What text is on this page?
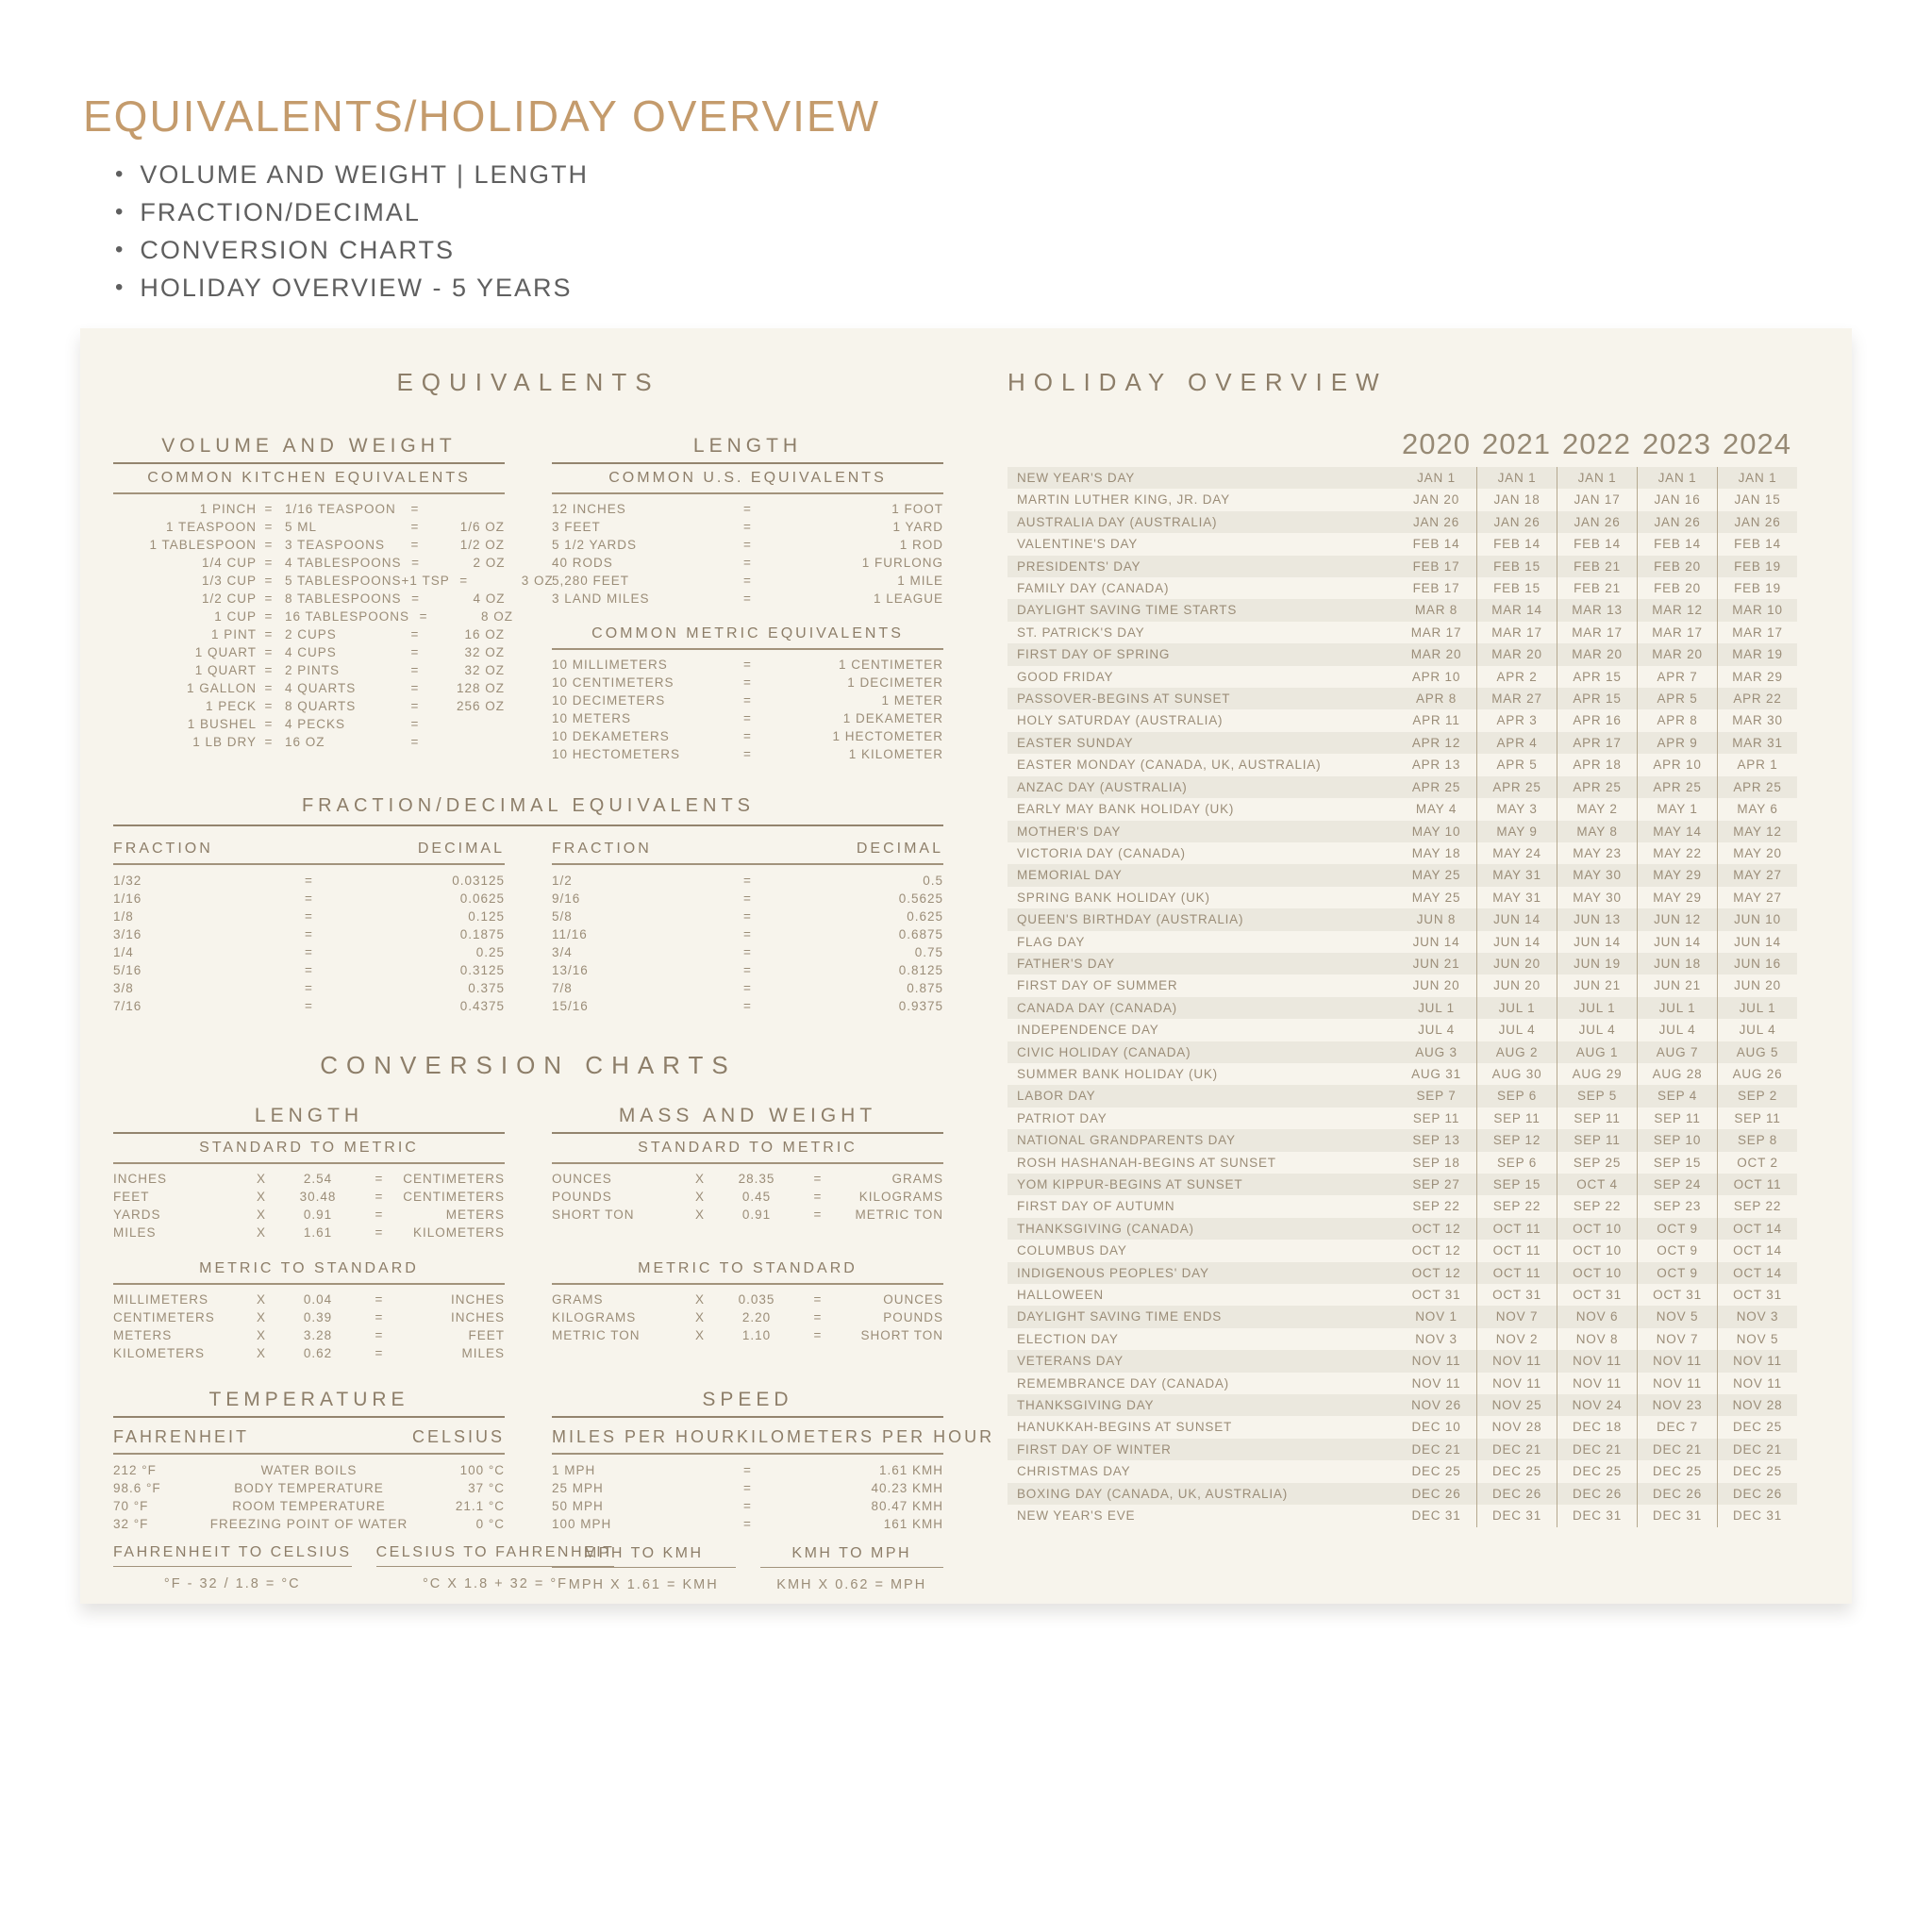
EQUIVALENTS/HOLIDAY OVERVIEW
• VOLUME AND WEIGHT | LENGTH
• FRACTION/DECIMAL
• CONVERSION CHARTS
• HOLIDAY OVERVIEW - 5 YEARS
EQUIVALENTS
VOLUME AND WEIGHT
COMMON KITCHEN EQUIVALENTS
1 PINCH = 1/16 TEASPOON	=
1 TEASPOON = 5 ML	=	1/6 OZ
1 TABLESPOON = 3 TEASPOONS	=	1/2 OZ
1/4 CUP = 4 TABLESPOONS =	2 OZ
1/3 CUP = 5 TABLESPOONS+1 TSP =	3 OZ
1/2 CUP = 8 TABLESPOONS =	4 OZ
1 CUP = 16 TABLESPOONS =	8 OZ
1 PINT = 2 CUPS	=	16 OZ
1 QUART = 4 CUPS	=	32 OZ
1 QUART = 2 PINTS	=	32 OZ
1 GALLON = 4 QUARTS	=	128 OZ
1 PECK = 8 QUARTS	=	256 OZ
1 BUSHEL = 4 PECKS	=
1 LB DRY = 16 OZ	=
LENGTH
COMMON U.S. EQUIVALENTS
12 INCHES	=	1 FOOT
3 FEET	=	1 YARD
5 1/2 YARDS	=	1 ROD
40 RODS	=	1 FURLONG
5,280 FEET	=	1 MILE
3 LAND MILES	=	1 LEAGUE
COMMON METRIC EQUIVALENTS
10 MILLIMETERS	=	1 CENTIMETER
10 CENTIMETERS	=	1 DECIMETER
10 DECIMETERS	=	1 METER
10 METERS	=	1 DEKAMETER
10 DEKAMETERS	=	1 HECTOMETER
10 HECTOMETERS	=	1 KILOMETER
FRACTION/DECIMAL EQUIVALENTS
FRACTION	DECIMAL
1/32	=	0.03125
1/16	=	0.0625
1/8	=	0.125
3/16	=	0.1875
1/4	=	0.25
5/16	=	0.3125
3/8	=	0.375
7/16	=	0.4375
FRACTION	DECIMAL
1/2	=	0.5
9/16	=	0.5625
5/8	=	0.625
11/16	=	0.6875
3/4	=	0.75
13/16	=	0.8125
7/8	=	0.875
15/16	=	0.9375
CONVERSION CHARTS
LENGTH
STANDARD TO METRIC
INCHES	X	2.54	=	CENTIMETERS
FEET	X	30.48	=	CENTIMETERS
YARDS	X	0.91	=	METERS
MILES	X	1.61	=	KILOMETERS
METRIC TO STANDARD
MILLIMETERS	X	0.04	=	INCHES
CENTIMETERS	X	0.39	=	INCHES
METERS	X	3.28	=	FEET
KILOMETERS	X	0.62	=	MILES
MASS AND WEIGHT
STANDARD TO METRIC
OUNCES	X	28.35	=	GRAMS
POUNDS	X	0.45	=	KILOGRAMS
SHORT TON	X	0.91	=	METRIC TON
METRIC TO STANDARD
GRAMS	X	0.035	=	OUNCES
KILOGRAMS	X	2.20	=	POUNDS
METRIC TON	X	1.10	=	SHORT TON
TEMPERATURE
FAHRENHEIT	CELSIUS
212 °F	WATER BOILS	100 °C
98.6 °F	BODY TEMPERATURE	37 °C
70 °F	ROOM TEMPERATURE	21.1 °C
32 °F	FREEZING POINT OF WATER	0 °C
FAHRENHEIT TO CELSIUS
°F - 32 / 1.8 = °C
CELSIUS TO FAHRENHEIT
°C X 1.8 + 32 = °F
SPEED
MILES PER HOUR KILOMETERS PER HOUR
1 MPH	=	1.61 KMH
25 MPH	=	40.23 KMH
50 MPH	=	80.47 KMH
100 MPH	=	161 KMH
MPH TO KMH
MPH X 1.61 = KMH
KMH TO MPH
KMH X 0.62 = MPH
HOLIDAY OVERVIEW
2020 2021 2022 2023 2024
NEW YEAR'S DAY	JAN 1	JAN 1	JAN 1	JAN 1	JAN 1
MARTIN LUTHER KING, JR. DAY	JAN 20	JAN 18	JAN 17	JAN 16	JAN 15
AUSTRALIA DAY (AUSTRALIA)	JAN 26	JAN 26	JAN 26	JAN 26	JAN 26
VALENTINE'S DAY	FEB 14	FEB 14	FEB 14	FEB 14	FEB 14
PRESIDENTS' DAY	FEB 17	FEB 15	FEB 21	FEB 20	FEB 19
FAMILY DAY (CANADA)	FEB 17	FEB 15	FEB 21	FEB 20	FEB 19
DAYLIGHT SAVING TIME STARTS	MAR 8	MAR 14	MAR 13	MAR 12	MAR 10
ST. PATRICK'S DAY	MAR 17	MAR 17	MAR 17	MAR 17	MAR 17
FIRST DAY OF SPRING	MAR 20	MAR 20	MAR 20	MAR 20	MAR 19
GOOD FRIDAY	APR 10	APR 2	APR 15	APR 7	MAR 29
PASSOVER-BEGINS AT SUNSET	APR 8	MAR 27	APR 15	APR 5	APR 22
HOLY SATURDAY (AUSTRALIA)	APR 11	APR 3	APR 16	APR 8	MAR 30
EASTER SUNDAY	APR 12	APR 4	APR 17	APR 9	MAR 31
EASTER MONDAY (CANADA, UK, AUSTRALIA)	APR 13	APR 5	APR 18	APR 10	APR 1
ANZAC DAY (AUSTRALIA)	APR 25	APR 25	APR 25	APR 25	APR 25
EARLY MAY BANK HOLIDAY (UK)	MAY 4	MAY 3	MAY 2	MAY 1	MAY 6
MOTHER'S DAY	MAY 10	MAY 9	MAY 8	MAY 14	MAY 12
VICTORIA DAY (CANADA)	MAY 18	MAY 24	MAY 23	MAY 22	MAY 20
MEMORIAL DAY	MAY 25	MAY 31	MAY 30	MAY 29	MAY 27
SPRING BANK HOLIDAY (UK)	MAY 25	MAY 31	MAY 30	MAY 29	MAY 27
QUEEN'S BIRTHDAY (AUSTRALIA)	JUN 8	JUN 14	JUN 13	JUN 12	JUN 10
FLAG DAY	JUN 14	JUN 14	JUN 14	JUN 14	JUN 14
FATHER'S DAY	JUN 21	JUN 20	JUN 19	JUN 18	JUN 16
FIRST DAY OF SUMMER	JUN 20	JUN 20	JUN 21	JUN 21	JUN 20
CANADA DAY (CANADA)	JUL 1	JUL 1	JUL 1	JUL 1	JUL 1
INDEPENDENCE DAY	JUL 4	JUL 4	JUL 4	JUL 4	JUL 4
CIVIC HOLIDAY (CANADA)	AUG 3	AUG 2	AUG 1	AUG 7	AUG 5
SUMMER BANK HOLIDAY (UK)	AUG 31	AUG 30	AUG 29	AUG 28	AUG 26
LABOR DAY	SEP 7	SEP 6	SEP 5	SEP 4	SEP 2
PATRIOT DAY	SEP 11	SEP 11	SEP 11	SEP 11	SEP 11
NATIONAL GRANDPARENTS DAY	SEP 13	SEP 12	SEP 11	SEP 10	SEP 8
ROSH HASHANAH-BEGINS AT SUNSET	SEP 18	SEP 6	SEP 25	SEP 15	OCT 2
YOM KIPPUR-BEGINS AT SUNSET	SEP 27	SEP 15	OCT 4	SEP 24	OCT 11
FIRST DAY OF AUTUMN	SEP 22	SEP 22	SEP 22	SEP 23	SEP 22
THANKSGIVING (CANADA)	OCT 12	OCT 11	OCT 10	OCT 9	OCT 14
COLUMBUS DAY	OCT 12	OCT 11	OCT 10	OCT 9	OCT 14
INDIGENOUS PEOPLES' DAY	OCT 12	OCT 11	OCT 10	OCT 9	OCT 14
HALLOWEEN	OCT 31	OCT 31	OCT 31	OCT 31	OCT 31
DAYLIGHT SAVING TIME ENDS	NOV 1	NOV 7	NOV 6	NOV 5	NOV 3
ELECTION DAY	NOV 3	NOV 2	NOV 8	NOV 7	NOV 5
VETERANS DAY	NOV 11	NOV 11	NOV 11	NOV 11	NOV 11
REMEMBRANCE DAY (CANADA)	NOV 11	NOV 11	NOV 11	NOV 11	NOV 11
THANKSGIVING DAY	NOV 26	NOV 25	NOV 24	NOV 23	NOV 28
HANUKKAH-BEGINS AT SUNSET	DEC 10	NOV 28	DEC 18	DEC 7	DEC 25
FIRST DAY OF WINTER	DEC 21	DEC 21	DEC 21	DEC 21	DEC 21
CHRISTMAS DAY	DEC 25	DEC 25	DEC 25	DEC 25	DEC 25
BOXING DAY (CANADA, UK, AUSTRALIA)	DEC 26	DEC 26	DEC 26	DEC 26	DEC 26
NEW YEAR'S EVE	DEC 31	DEC 31	DEC 31	DEC 31	DEC 31
